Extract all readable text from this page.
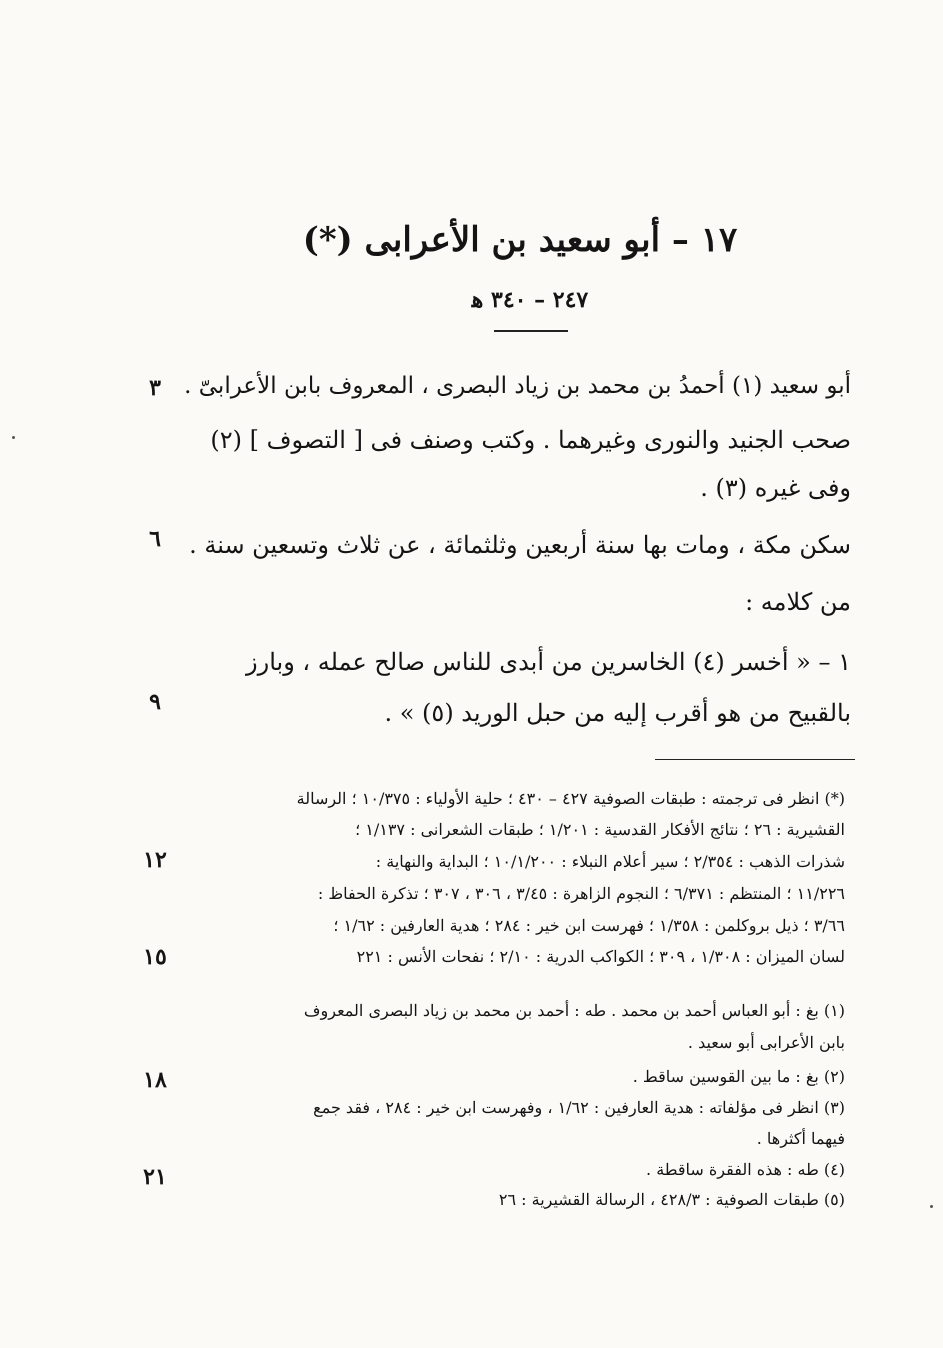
١٧ – أبو سعيد بن الأعرابى (*)
٢٤٧ – ٣٤٠ ﻫ
أبو سعيد (١) أحمدُ بن محمد بن زياد البصرى ، المعروف بابن الأعرابىّ .
صحب الجنيد والنورى وغيرهما . وكتب وصنف فى [ التصوف ] (٢)
وفى غيره (٣) .
سكن مكة ، ومات بها سنة أربعين وثلثمائة ، عن ثلاث وتسعين سنة .
من كلامه :
١ – « أخسر (٤) الخاسرين من أبدى للناس صالح عمله ، وبارز
بالقبيح من هو أقرب إليه من حبل الوريد (٥) » .
٣
٦
٩
١٢
١٥
١٨
٢١
(*) انظر فى ترجمته : طبقات الصوفية ٤٢٧ – ٤٣٠ ؛ حلية الأولياء : ١٠/٣٧٥ ؛ الرسالة
القشيرية : ٢٦ ؛ نتائج الأفكار القدسية : ١/٢٠١ ؛ طبقات الشعرانى : ١/١٣٧ ؛
شذرات الذهب : ٢/٣٥٤ ؛ سير أعلام النبلاء : ١٠/١/٢٠٠ ؛ البداية والنهاية :
١١/٢٢٦ ؛ المنتظم : ٦/٣٧١ ؛ النجوم الزاهرة : ٣/٤٥ ، ٣٠٦ ، ٣٠٧ ؛ تذكرة الحفاظ :
٣/٦٦ ؛ ذيل بروكلمن : ١/٣٥٨ ؛ فهرست ابن خير : ٢٨٤ ؛ هدية العارفين : ١/٦٢ ؛
لسان الميزان : ١/٣٠٨ ، ٣٠٩ ؛ الكواكب الدرية : ٢/١٠ ؛ نفحات الأنس : ٢٢١
(١) بغ : أبو العباس أحمد بن محمد . طه : أحمد بن محمد بن زياد البصرى المعروف
بابن الأعرابى أبو سعيد .
(٢) بغ : ما بين القوسين ساقط .
(٣) انظر فى مؤلفاته : هدية العارفين : ١/٦٢ ، وفهرست ابن خير : ٢٨٤ ، فقد جمع
فيهما أكثرها .
(٤) طه : هذه الفقرة ساقطة .
(٥) طبقات الصوفية : ٤٢٨/٣ ، الرسالة القشيرية : ٢٦
